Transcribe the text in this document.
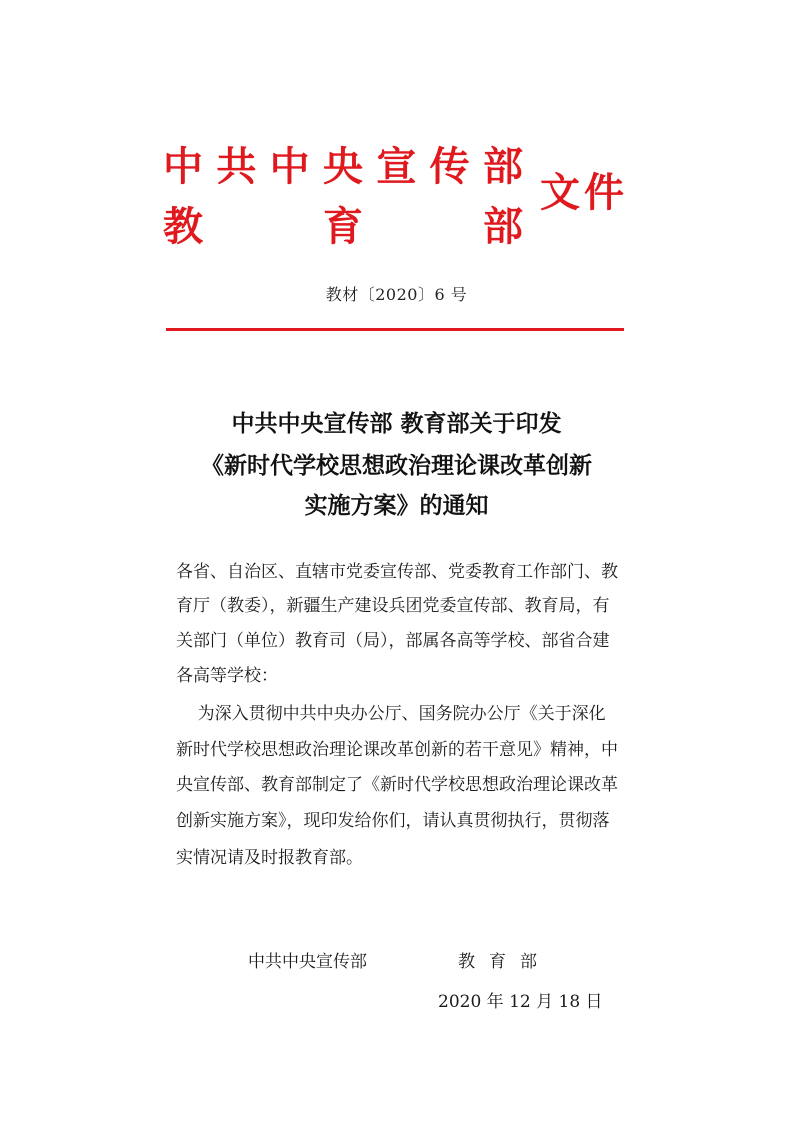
中 共 中 央 宣 传 部
教	育	部
文 件
教材〔2020〕6 号
中共中央宣传部 教育部关于印发
《新时代学校思想政治理论课改革创新
实施方案》的通知
各省、自治区、直辖市党委宣传部、党委教育工作部门、教
育厅（教委），新疆生产建设兵团党委宣传部、教育局，有
关部门（单位）教育司（局），部属各高等学校、部省合建
各高等学校：
为深入贯彻中共中央办公厅、国务院办公厅《关于深化
新时代学校思想政治理论课改革创新的若干意见》精神，中
央宣传部、教育部制定了《新时代学校思想政治理论课改革
创新实施方案》，现印发给你们，请认真贯彻执行，贯彻落
实情况请及时报教育部。
中共中央宣传部	教育部
2020 年 12 月 18 日
